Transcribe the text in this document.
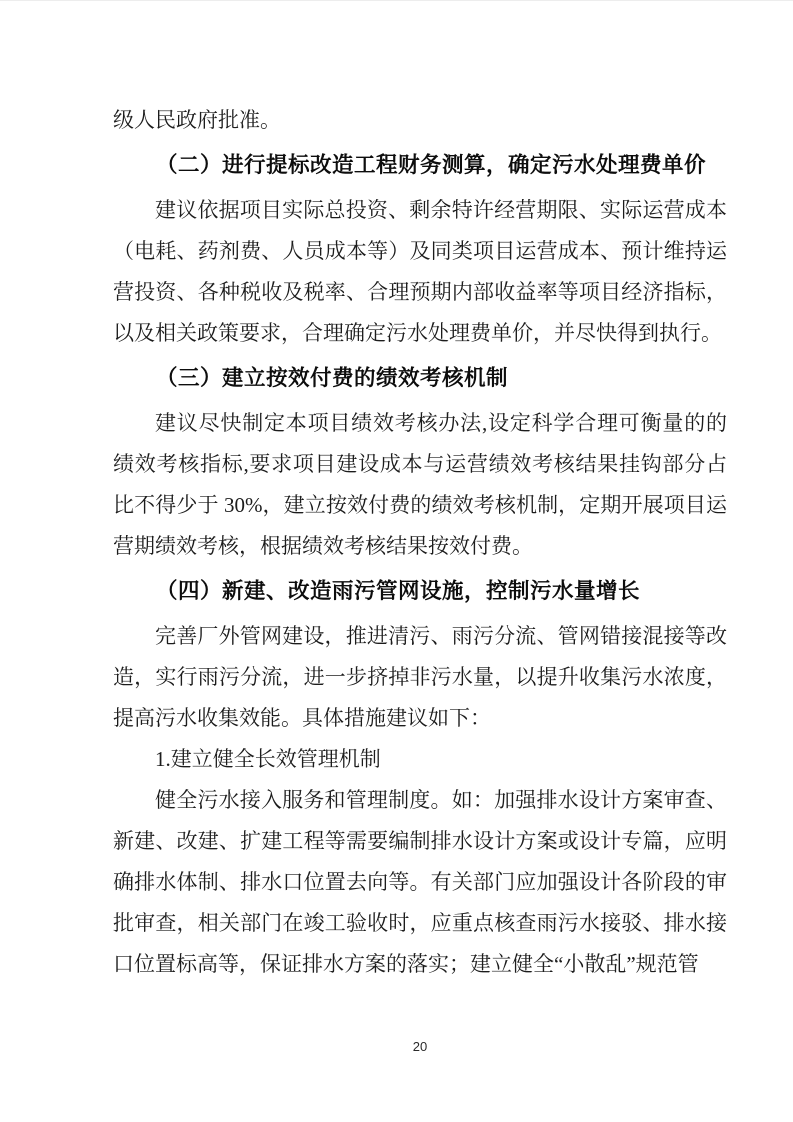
级人民政府批准。

（二）进行提标改造工程财务测算，确定污水处理费单价

建议依据项目实际总投资、剩余特许经营期限、实际运营成本（电耗、药剂费、人员成本等）及同类项目运营成本、预计维持运营投资、各种税收及税率、合理预期内部收益率等项目经济指标，以及相关政策要求，合理确定污水处理费单价，并尽快得到执行。

（三）建立按效付费的绩效考核机制

建议尽快制定本项目绩效考核办法,设定科学合理可衡量的的绩效考核指标,要求项目建设成本与运营绩效考核结果挂钩部分占比不得少于 30%，建立按效付费的绩效考核机制，定期开展项目运营期绩效考核，根据绩效考核结果按效付费。

（四）新建、改造雨污管网设施，控制污水量增长

完善厂外管网建设，推进清污、雨污分流、管网错接混接等改造，实行雨污分流，进一步挤掉非污水量，以提升收集污水浓度，提高污水收集效能。具体措施建议如下：

1.建立健全长效管理机制

健全污水接入服务和管理制度。如：加强排水设计方案审查、新建、改建、扩建工程等需要编制排水设计方案或设计专篇，应明确排水体制、排水口位置去向等。有关部门应加强设计各阶段的审批审查，相关部门在竣工验收时，应重点核查雨污水接驳、排水接口位置标高等，保证排水方案的落实；建立健全“小散乱”规范管

20
